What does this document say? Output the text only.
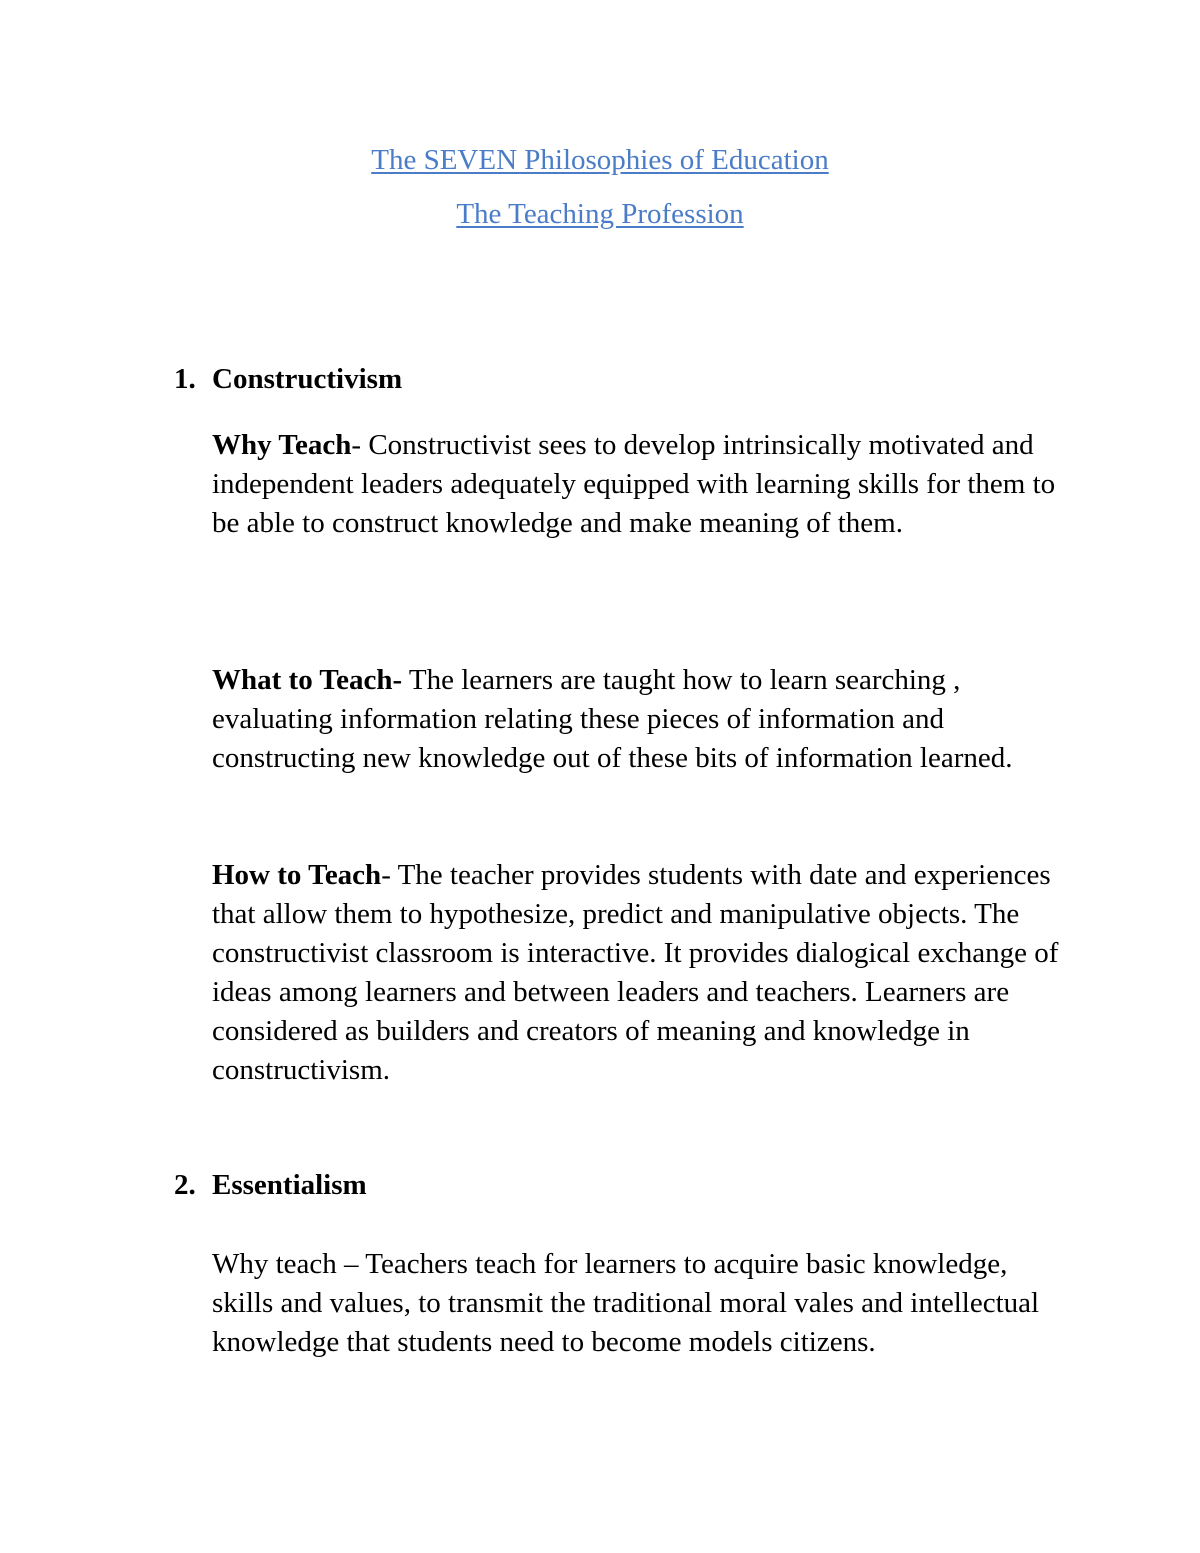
The SEVEN Philosophies of Education
The Teaching Profession
1. Constructivism
Why Teach- Constructivist sees to develop intrinsically motivated and independent leaders adequately equipped with learning skills for them to be able to construct knowledge and make meaning of them.
What to Teach- The learners are taught how to learn searching , evaluating information relating these pieces of information and constructing new knowledge out of these bits of information learned.
How to Teach- The teacher provides students with date and experiences that allow them to hypothesize, predict and manipulative objects. The constructivist classroom is interactive. It provides dialogical exchange of ideas among learners and between leaders and teachers. Learners are considered as builders and creators of meaning and knowledge in constructivism.
2. Essentialism
Why teach – Teachers teach for learners to acquire basic knowledge, skills and values, to transmit the traditional moral vales and intellectual knowledge that students need to become models citizens.
